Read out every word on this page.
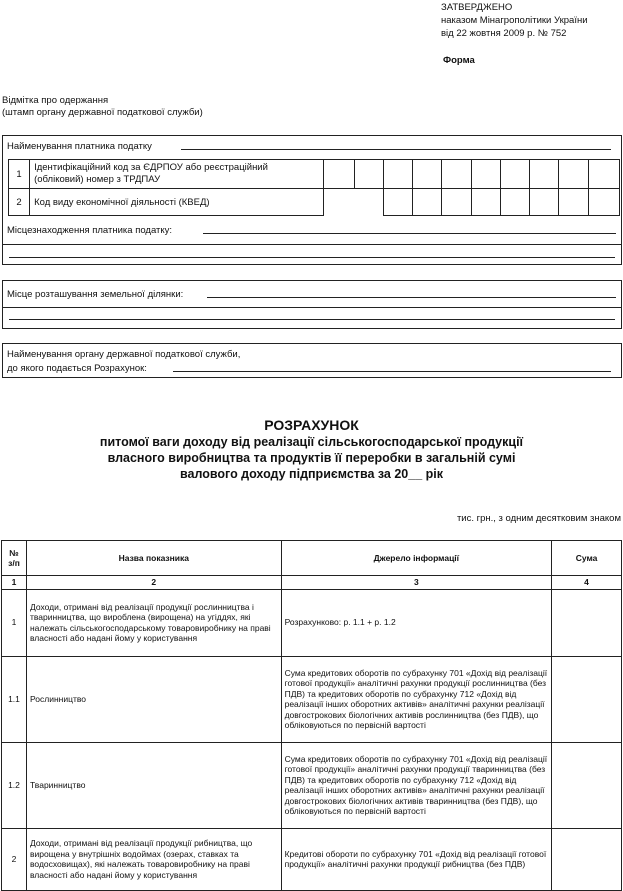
ЗАТВЕРДЖЕНО
наказом Мінагрополітики України
від 22 жовтня 2009 р. № 752
Форма
Відмітка про одержання
(штамп органу державної податкової служби)
Найменування платника податку
1	Ідентифікаційний код за ЄДРПОУ або реєстраційний
(обліковий) номер з ТРДПАУ										

2	Код виду економічної діяльності (КВЕД)										
Місцезнаходження платника податку:
Місце розташування земельної ділянки:
Найменування органу державної податкової служби,
до якого подається Розрахунок:
РОЗРАХУНОК
питомої ваги доходу від реалізації сільськогосподарської продукції
власного виробництва та продуктів її переробки в загальній сумі
валового доходу підприємства за 20__ рік
тис. грн., з одним десятковим знаком
№ з/п	Назва показника	Джерело інформації	Сума
1	2	3	4
1	Доходи, отримані від реалізації продукції рослинництва і тваринництва, що вироблена (вирощена) на угіддях, які належать сільськогосподарському товаровиробнику на праві власності або надані йому у користування	Розрахунково: р. 1.1 + р. 1.2	
1.1	Рослинництво	Сума кредитових оборотів по субрахунку 701 «Дохід від реалізації готової продукції» аналітичні рахунки продукції рослинництва (без ПДВ) та кредитових оборотів по субрахунку 712 «Дохід від реалізації інших оборотних активів» аналітичні рахунки реалізації довгострокових біологічних активів рослинництва (без ПДВ), що обліковуються по первісній вартості	
1.2	Тваринництво	Сума кредитових оборотів по субрахунку 701 «Дохід від реалізації готової продукції» аналітичні рахунки продукції тваринництва (без ПДВ) та кредитових оборотів по субрахунку 712 «Дохід від реалізації інших оборотних активів» аналітичні рахунки реалізації довгострокових біологічних активів тваринництва (без ПДВ), що обліковуються по первісній вартості	
2	Доходи, отримані від реалізації продукції рибництва, що вирощена у внутрішніх водоймах (озерах, ставках та водосховищах), які належать товаровиробнику на праві власності або надані йому у користування	Кредитові обороти по субрахунку 701 «Дохід від реалізації готової продукції» аналітичні рахунки продукції рибництва (без ПДВ)	
